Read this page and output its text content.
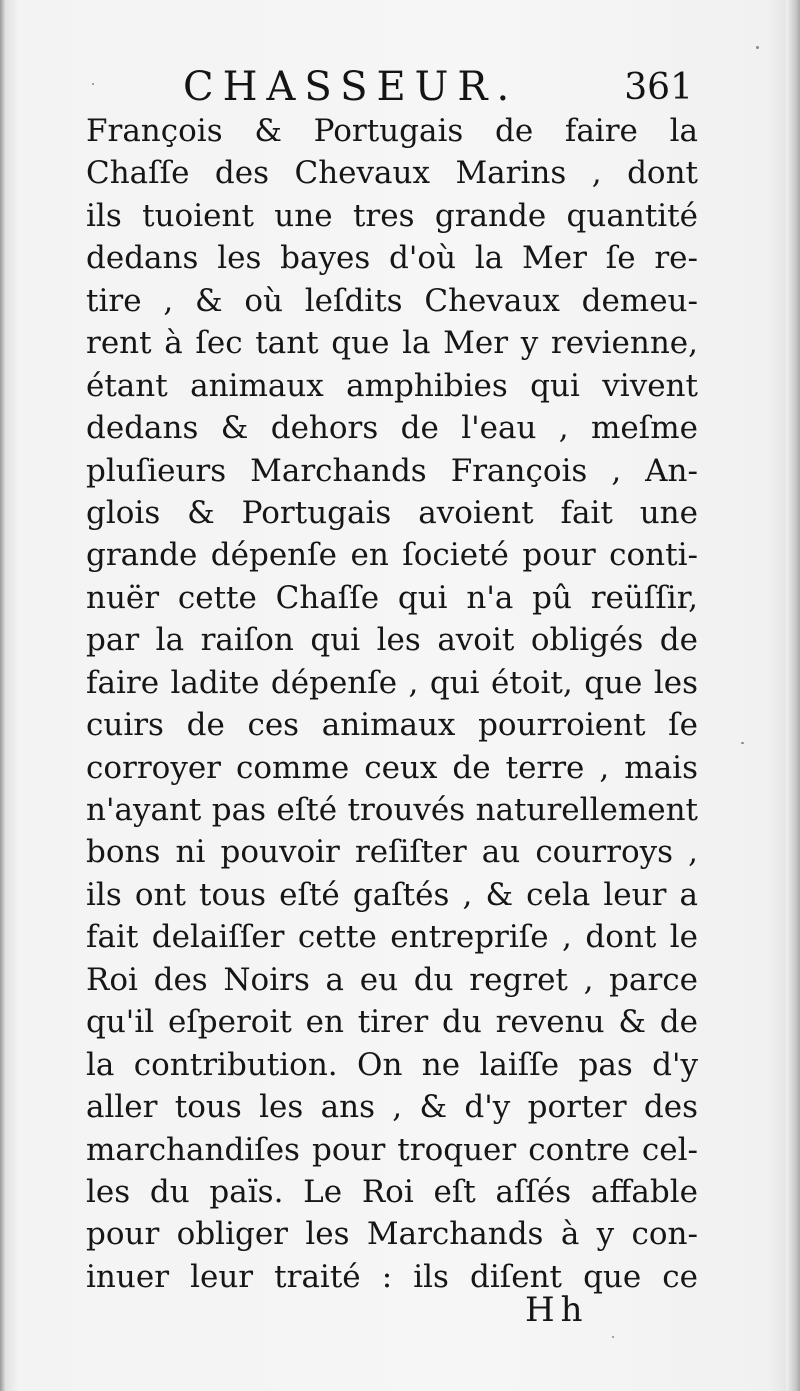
CHASSEUR.	361
François & Portugais de faire la
Chaſſe des Chevaux Marins , dont
ils tuoient une tres grande quantité
dedans les bayes d'où la Mer ſe re-
tire , & où leſdits Chevaux demeu-
rent à ſec tant que la Mer y revienne,
étant animaux amphibies qui vivent
dedans & dehors de l'eau , meſme
pluſieurs Marchands François , An-
glois & Portugais avoient fait une
grande dépenſe en ſocieté pour conti-
nuër cette Chaſſe qui n'a pû reüſſir,
par la raiſon qui les avoit obligés de
faire ladite dépenſe , qui étoit, que les
cuirs de ces animaux pourroient ſe
corroyer comme ceux de terre , mais
n'ayant pas eſté trouvés naturellement
bons ni pouvoir reſiſter au courroys ,
ils ont tous eſté gaſtés , & cela leur a
fait delaiſſer cette entrepriſe , dont le
Roi des Noirs a eu du regret , parce
qu'il eſperoit en tirer du revenu & de
la contribution. On ne laiſſe pas d'y
aller tous les ans , & d'y porter des
marchandiſes pour troquer contre cel-
les du païs. Le Roi eſt aſſés affable
pour obliger les Marchands à y con-
inuer leur traité : ils diſent que ce
Hh
